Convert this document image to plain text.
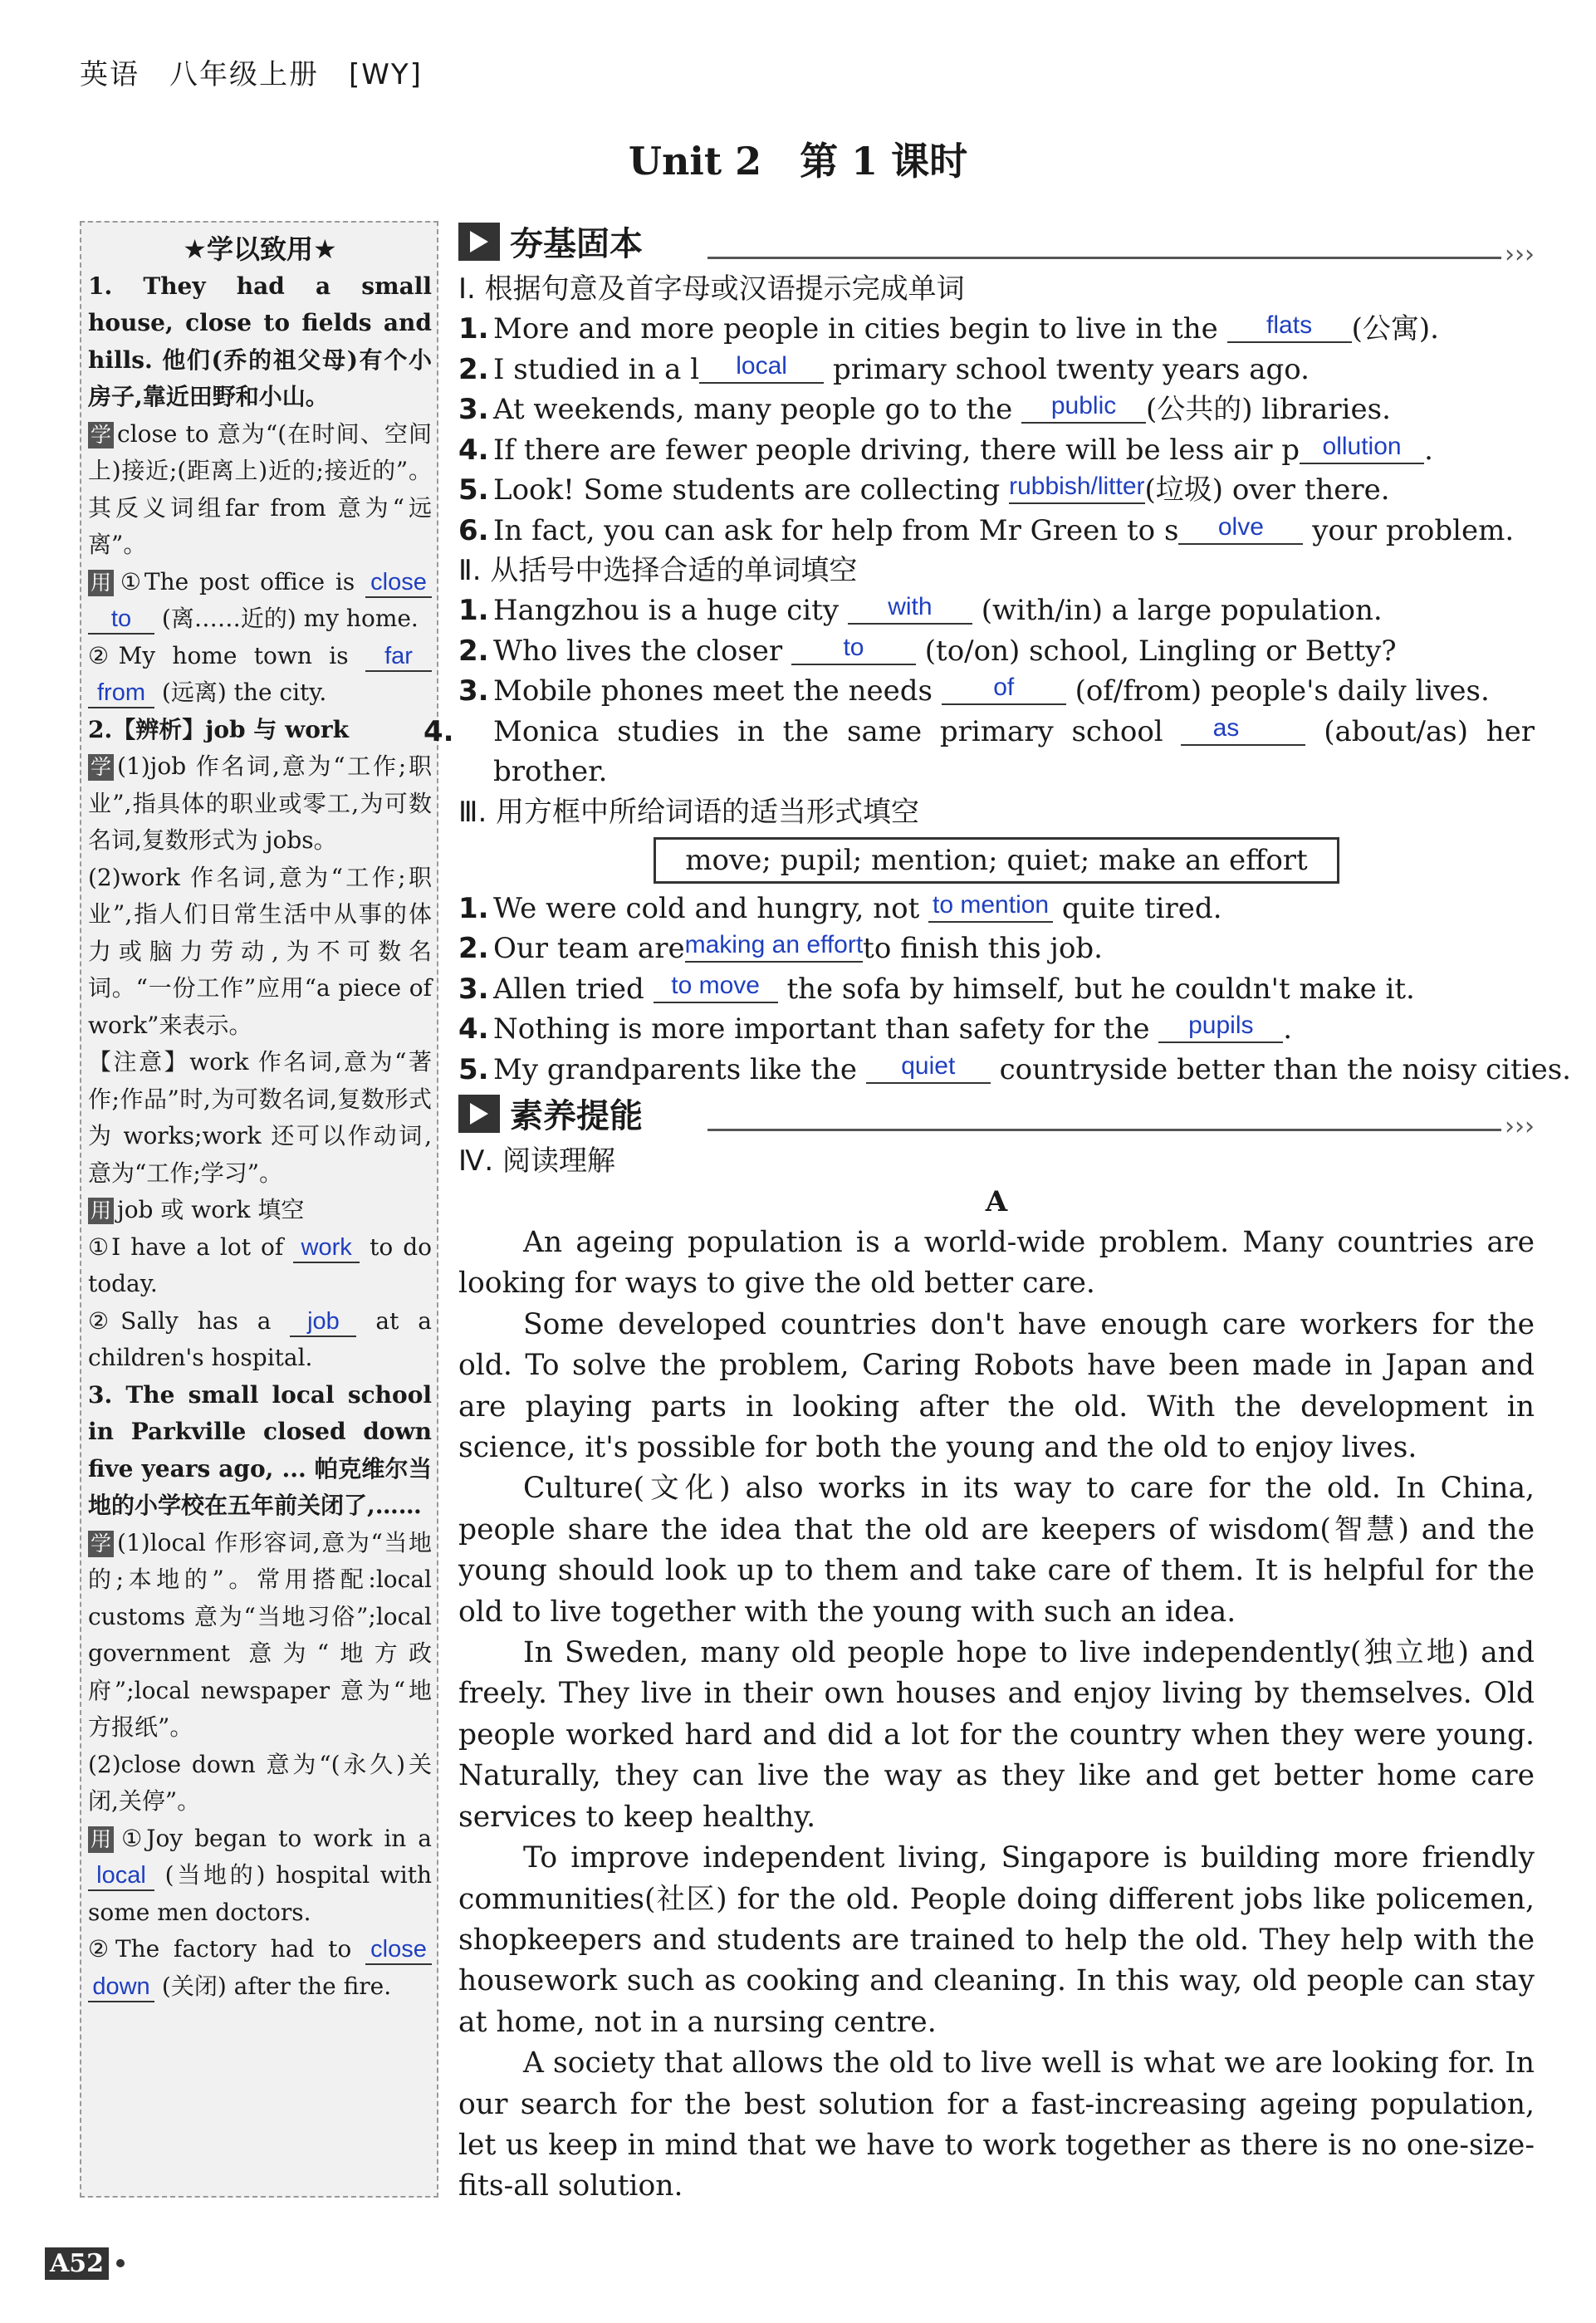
英语　八年级上册　[WY]
Unit 2　第 1 课时
★学以致用★

1. They had a small house, close to fields and hills. 他们(乔的祖父母)有个小房子,靠近田野和小山。

学 close to 意为“(在时间、空间上)接近;(距离上)近的;接近的”。其反义词组far from 意为“远离”。

用 ①The post office is close to (离……近的) my home.

②My home town is far from (远离) the city.

2.【辨析】job 与 work

学 (1)job 作名词,意为“工作;职业”,指具体的职业或零工,为可数名词,复数形式为 jobs。

(2)work 作名词,意为“工作;职业”,指人们日常生活中从事的体力或脑力劳动,为不可数名词。“一份工作”应用“a piece of work”来表示。

【注意】work 作名词,意为“著作;作品”时,为可数名词,复数形式为 works;work 还可以作动词,意为“工作;学习”。

用 job 或 work 填空

①I have a lot of work to do today.

②Sally has a job at a children's hospital.

3. The small local school in Parkville closed down five years ago, ... 帕克维尔当地的小学校在五年前关闭了,……

学 (1)local 作形容词,意为“当地的;本地的”。常用搭配:local customs 意为“当地习俗”;local government 意为“地方政府”;local newspaper 意为“地方报纸”。

(2)close down 意为“(永久)关闭,关停”。

用 ①Joy began to work in a local (当地的) hospital with some men doctors.

②The factory had to close down (关闭) after the fire.

夯基固本	›››
Ⅰ. 根据句意及首字母或汉语提示完成单词

1. More and more people in cities begin to live in the flats (公寓).

2. I studied in a l local primary school twenty years ago.

3. At weekends, many people go to the public (公共的) libraries.

4. If there are fewer people driving, there will be less air p ollution .

5. Look! Some students are collecting rubbish/litter(垃圾) over there.

6. In fact, you can ask for help from Mr Green to s olve your problem.

Ⅱ. 从括号中选择合适的单词填空

1. Hangzhou is a huge city with (with/in) a large population.

2. Who lives the closer to (to/on) school, Lingling or Betty?

3. Mobile phones meet the needs of (of/from) people's daily lives.

4. Monica studies in the same primary school as	(about/as) her brother.

Ⅲ. 用方框中所给词语的适当形式填空
move; pupil; mention; quiet; make an effort

1. We were cold and hungry, not to mention quite tired.

2. Our team aremaking an effortto finish this job.

3. Allen tried to move the sofa by himself, but he couldn't make it.

4. Nothing is more important than safety for the pupils .

5. My grandparents like the quiet countryside better than the noisy cities.

素养提能	›››
Ⅳ. 阅读理解
A

An ageing population is a world-wide problem. Many countries are looking for ways to give the old better care.

Some developed countries don't have enough care workers for the old. To solve the problem, Caring Robots have been made in Japan and are playing parts in looking after the old. With the development in science, it's possible for both the young and the old to enjoy lives.

Culture(文化) also works in its way to care for the old. In China, people share the idea that the old are keepers of wisdom(智慧) and the young should look up to them and take care of them. It is helpful for the old to live together with the young with such an idea.

In Sweden, many old people hope to live independently(独立地) and freely. They live in their own houses and enjoy living by themselves. Old people worked hard and did a lot for the country when they were young. Naturally, they can live the way as they like and get better home care services to keep healthy.

To improve independent living, Singapore is building more friendly communities(社区) for the old. People doing different jobs like policemen, shopkeepers and students are trained to help the old. They help with the housework such as cooking and cleaning. In this way, old people can stay at home, not in a nursing centre.

A society that allows the old to live well is what we are looking for. In our search for the best solution for a fast-increasing ageing population, let us keep in mind that we have to work together as there is no one-size-fits-all solution.

A52
